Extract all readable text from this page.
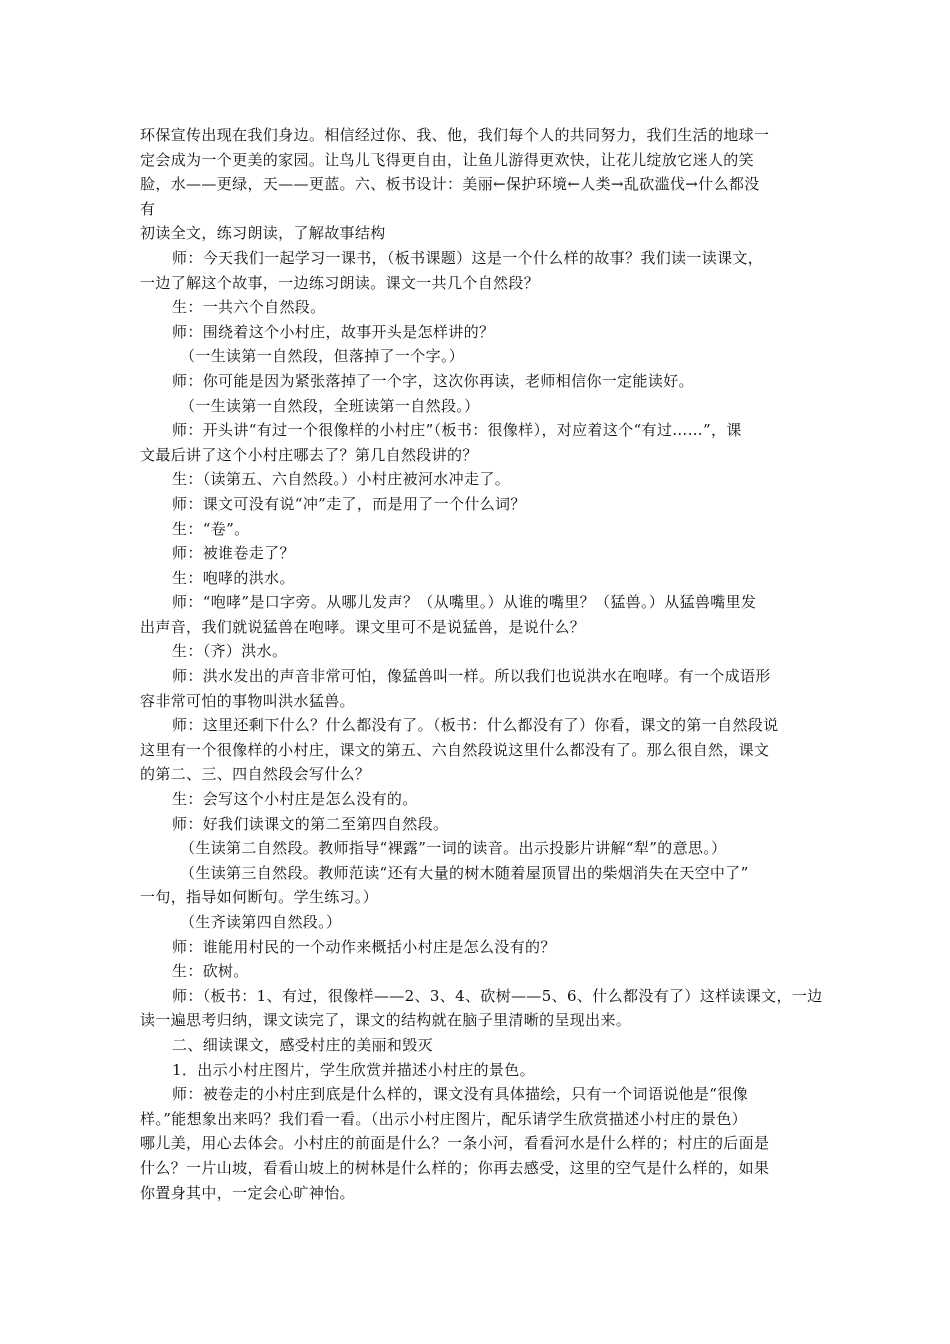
环保宣传出现在我们身边。相信经过你、我、他，我们每个人的共同努力，我们生活的地球一
定会成为一个更美的家园。让鸟儿飞得更自由，让鱼儿游得更欢快，让花儿绽放它迷人的笑
脸，水——更绿，天——更蓝。六、板书设计：美丽←保护环境←人类→乱砍滥伐→什么都没
有
初读全文，练习朗读，了解故事结构
师：今天我们一起学习一课书，（板书课题）这是一个什么样的故事？我们读一读课文，
一边了解这个故事，一边练习朗读。课文一共几个自然段？
生：一共六个自然段。
师：围绕着这个小村庄，故事开头是怎样讲的？
（一生读第一自然段，但落掉了一个字。）
师：你可能是因为紧张落掉了一个字，这次你再读，老师相信你一定能读好。
（一生读第一自然段，全班读第一自然段。）
师：开头讲“有过一个很像样的小村庄”（板书：很像样），对应着这个“有过……”，课
文最后讲了这个小村庄哪去了？第几自然段讲的？
生：（读第五、六自然段。）小村庄被河水冲走了。
师：课文可没有说“冲”走了，而是用了一个什么词？
生：“卷”。
师：被谁卷走了？
生：咆哮的洪水。
师：“咆哮”是口字旁。从哪儿发声？（从嘴里。）从谁的嘴里？（猛兽。）从猛兽嘴里发
出声音，我们就说猛兽在咆哮。课文里可不是说猛兽，是说什么？
生：（齐）洪水。
师：洪水发出的声音非常可怕，像猛兽叫一样。所以我们也说洪水在咆哮。有一个成语形
容非常可怕的事物叫洪水猛兽。
师：这里还剩下什么？什么都没有了。（板书：什么都没有了）你看，课文的第一自然段说
这里有一个很像样的小村庄，课文的第五、六自然段说这里什么都没有了。那么很自然，课文
的第二、三、四自然段会写什么？
生：会写这个小村庄是怎么没有的。
师：好我们读课文的第二至第四自然段。
（生读第二自然段。教师指导“裸露”一词的读音。出示投影片讲解“犁”的意思。）
（生读第三自然段。教师范读“还有大量的树木随着屋顶冒出的柴烟消失在天空中了”
一句，指导如何断句。学生练习。）
（生齐读第四自然段。）
师：谁能用村民的一个动作来概括小村庄是怎么没有的？
生：砍树。
师：（板书：1、有过，很像样——2、3、4、砍树——5、6、什么都没有了）这样读课文，一边
读一遍思考归纳，课文读完了，课文的结构就在脑子里清晰的呈现出来。
二、细读课文，感受村庄的美丽和毁灭
1．出示小村庄图片，学生欣赏并描述小村庄的景色。
师：被卷走的小村庄到底是什么样的，课文没有具体描绘，只有一个词语说他是“很像
样。”能想象出来吗？我们看一看。（出示小村庄图片，配乐请学生欣赏描述小村庄的景色）
哪儿美，用心去体会。小村庄的前面是什么？一条小河，看看河水是什么样的；村庄的后面是
什么？一片山坡，看看山坡上的树林是什么样的；你再去感受，这里的空气是什么样的，如果
你置身其中，一定会心旷神怡。
